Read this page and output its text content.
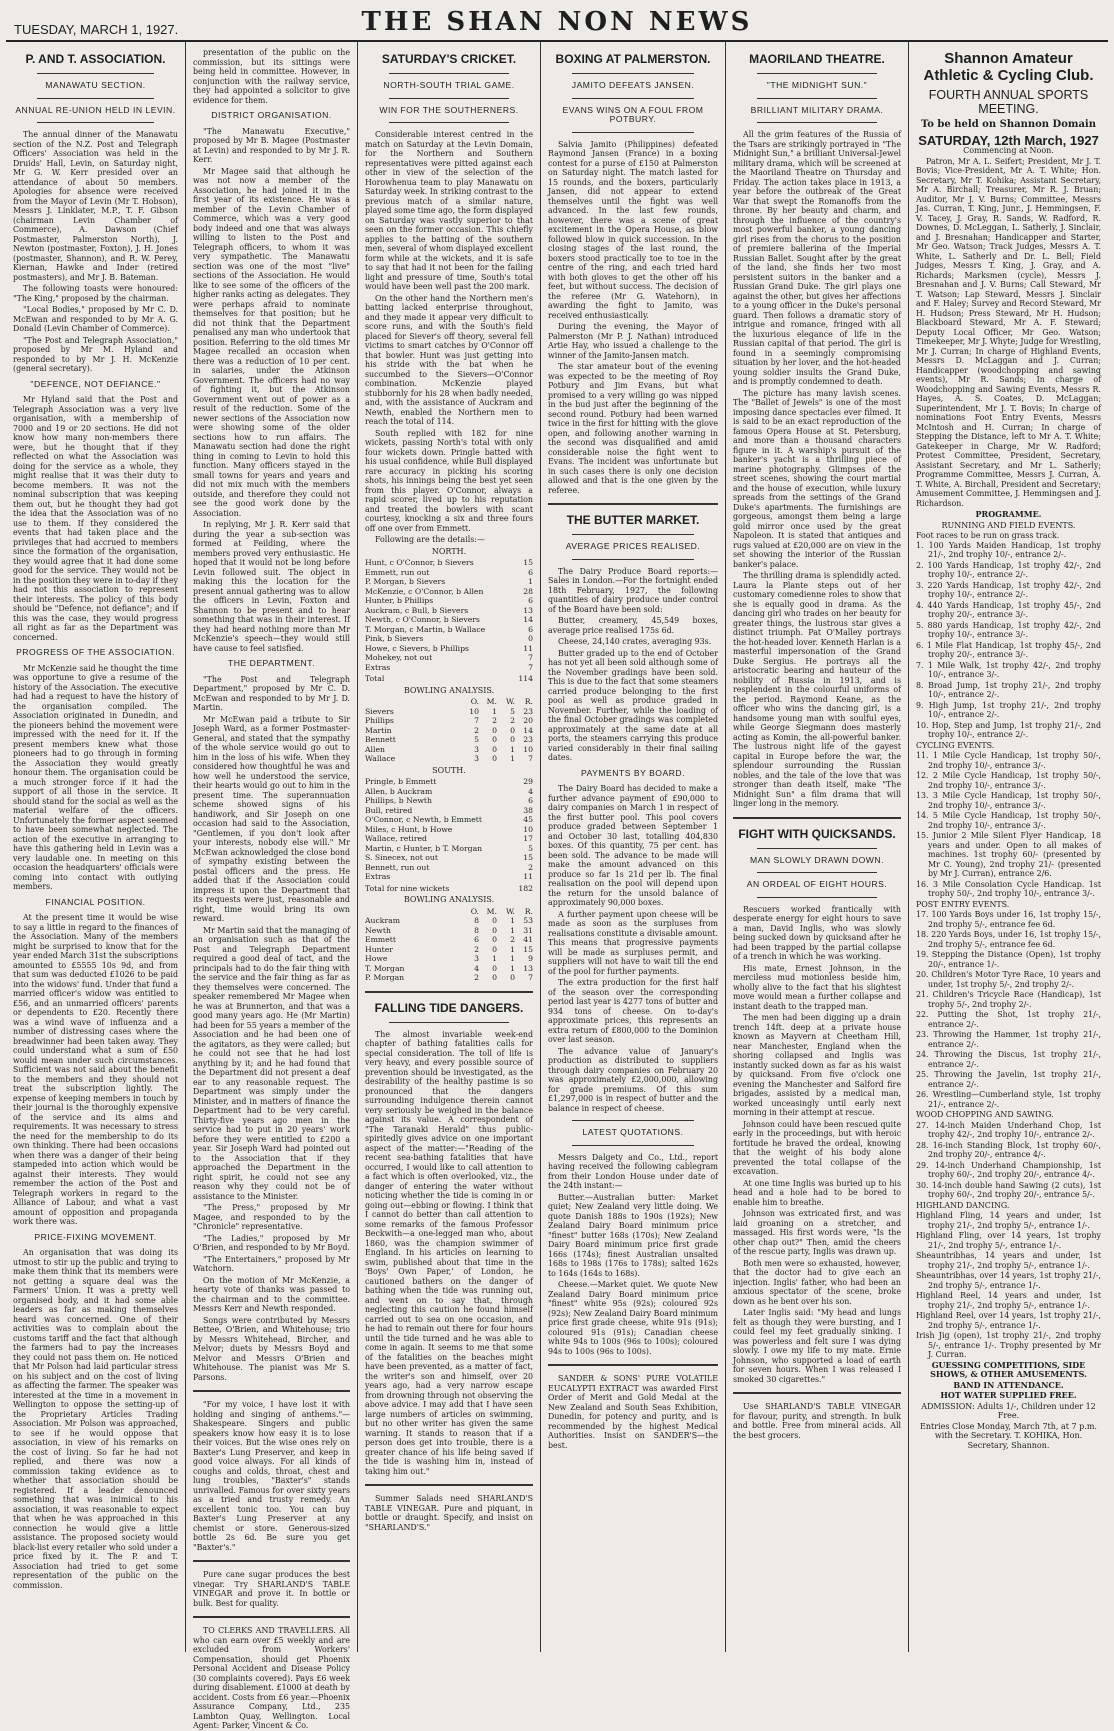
TUESDAY, MARCH 1, 1927.	THE SHAN NON NEWS
P. AND T. ASSOCIATION.
MANAWATU SECTION.
ANNUAL RE-UNION HELD IN LEVIN.

The annual dinner of the Manawatu section of the N.Z. Post and Telegraph Officers' Association was held in the Druids' Hall, Levin, on Saturday night, Mr G. W. Kerr presided over an attendance of about 50 members. Apologies for absence were received from the Mayor of Levin (Mr T. Hobson), Messrs J. Linklater, M.P., T. F. Gibson (chairman Levin Chamber of Commerce), A. Dawson (Chief Postmaster, Palmerston North), J. Newton (postmaster, Foxton), J. H. Jones (postmaster, Shannon), and R. W. Perey, Kiernan, Hawke and Inder (retired postmasters), and Mr J. B. Bateman.

The following toasts were honoured: "The King," proposed by the chairman.

"Local Bodies," proposed by Mr C. D. McEwan and responded to by Mr A. G. Donald (Levin Chamber of Commerce).

"The Post and Telegraph Association," proposed by Mr M. Hyland and responded to by Mr J. H. McKenzie (general secretary).

"DEFENCE, NOT DEFIANCE."

Mr Hyland said that the Post and Telegraph Association was a very live organisation, with a membership of 7000 and 19 or 20 sections. He did not know how many non-members there were, but he thought that if they reflected on what the Association was doing for the service as a whole, they might realise that it was their duty to become members. It was not the nominal subscription that was keeping them out, but he thought they had got the idea that the Association was of no use to them. If they considered the events that had taken place and the privileges that had accrued to members since the formation of the organisation, they would agree that it had done some good for the service. They would not be in the position they were in to-day if they had not this association to represent their interests. The policy of this body should be "Defence, not defiance"; and if this was the case, they would progress all right as far as the Department was concerned.

PROGRESS OF THE ASSOCIATION.

Mr McKenzie said he thought the time was opportune to give a resume of the history of the Association. The executive had had a request to have the history of the organisation compiled. The Association originated in Dunedin, and the pioneers behind the movement were impressed with the need for it. If the present members knew what those pioneers had to go through in forming the Association they would greatly honour them. The organisation could be a much stronger force if it had the support of all those in the service. It should stand for the social as well as the material welfare of the officers. Unfortunately the former aspect seemed to have been somewhat neglected. The action of the executive in arranging to have this gathering held in Levin was a very laudable one. In meeting on this occasion the headquarters' officials were coming into contact with outlying members.

FINANCIAL POSITION.

At the present time it would be wise to say a little in regard to the finances of the Association. Many of the members might be surprised to know that for the year ended March 31st the subscriptions amounted to £5555 10s 9d, and from that sum was deducted £1026 to be paid into the widows' fund. Under that fund a married officer's widow was entitled to £56, and an unmarried officers' parents or dependents to £20. Recently there was a wind wave of influenza and a number of distressing cases where the breadwinner had been taken away. They could understand what a sum of £50 would mean under such circumstances. Sufficient was not said about the benefit to the members and they should not treat the subscription lightly. The expense of keeping members in touch by their journal is the thoroughly expensive of the service and its aims and requirements. It was necessary to stress the need for the membership to do its own thinking. There had been occasions when there was a danger of their being stampeded into action which would be against their interests. They would remember the action of the Post and Telegraph workers in regard to the Alliance of Labour, and what a vast amount of opposition and propaganda work there was.

PRICE-FIXING MOVEMENT.

An organisation that was doing its utmost to stir up the public and trying to make them think that its members were not getting a square deal was the Farmers' Union. It was a pretty well organised body, and it had some able leaders as far as making themselves heard was concerned. One of their activities was to complain about the customs tariff and the fact that although the farmers had to pay the increases they could not pass them on. He noticed that Mr Polson had laid particular stress on his subject and on the cost of living as affecting the farmer. The speaker was interested at the time in a movement in Wellington to oppose the setting-up of the Proprietary Articles Trading Association. Mr Polson was approached, to see if he would oppose that association, in view of his remarks on the cost of living. So far he had not replied, and there was now a commission taking evidence as to whether that association should be registered. If a leader denounced something that was inimical to his association, it was reasonable to expect that when he was approached in this connection he would give a little assistance. The proposed society would black-list every retailer who sold under a price fixed by it. The P. and T. Association had tried to get some representation of the public on the commission.

presentation of the public on the commission, but its sittings were being held in committee. However, in conjunction with the railway service, they had appointed a solicitor to give evidence for them.

DISTRICT ORGANISATION.

"The Manawatu Executive," proposed by Mr B. Magee (Postmaster at Levin) and responded to by Mr J. R. Kerr.

Mr Magee said that although he was not now a member of the Association, he had joined it in the first year of its existence. He was a member of the Levin Chamber of Commerce, which was a very good body indeed and one that was always willing to listen to the Post and Telegraph officers, to whom it was very sympathetic. The Manawatu section was one of the most "live" sections of the Association. He would like to see some of the officers of the higher ranks acting as delegates. They were perhaps afraid to nominate themselves for that position; but he did not think that the Department penalised any man who undertook that position. Referring to the old times Mr Magee recalled an occasion when there was a reduction of 10 per cent. in salaries, under the Atkinson Government. The officers had no way of fighting it, but the Atkinson Government went out of power as a result of the reduction. Some of the newer sections of the Association now were showing some of the older sections how to run affairs. The Manawatu section had done the right thing in coming to Levin to hold this function. Many officers stayed in the small towns for years and years and did not mix much with the members outside, and therefore they could not see the good work done by the Association.

In replying, Mr J. R. Kerr said that during the year a sub-section was formed at Feilding, where the members proved very enthusiastic. He hoped that it would not be long before Levin followed suit. The object in making this the location for the present annual gathering was to allow the officers in Levin, Foxton and Shannon to be present and to hear something that was in their interest. If they had heard nothing more than Mr McKenzie's speech—they would still have cause to feel satisfied.

THE DEPARTMENT.

"The Post and Telegraph Department," proposed by Mr C. D. McEwan and responded to by Mr J. D. Martin.

Mr McEwan paid a tribute to Sir Joseph Ward, as a former Postmaster-General, and stated that the sympathy of the whole service would go out to him in the loss of his wife. When they considered how thoughtful he was and how well he understood the service, their hearts would go out to him in the present time. The superannuation scheme showed signs of his handiwork, and Sir Joseph on one occasion had said to the Association, "Gentlemen, if you don't look after your interests, nobody else will." Mr McEwan acknowledged the close bond of sympathy existing between the postal officers and the press. He added that if the Association could impress it upon the Department that its requests were just, reasonable and right, time would bring its own reward.

Mr Martin said that the managing of an organisation such as that of the Post and Telegraph Department required a good deal of tact, and the principals had to do the fair thing with the service and the fair thing as far as they themselves were concerned. The speaker remembered Mr Magee when he was at Brunnerton, and that was a good many years ago. He (Mr Martin) had been for 55 years a member of the Association and he had been one of the agitators, as they were called; but he could not see that he had lost anything by it; and he had found that the Department did not present a deaf ear to any reasonable request. The Department was simply under the Minister, and in matters of finance the Department had to be very careful. Thirty-five years ago men in the service had to put in 20 years' work before they were entitled to £200 a year. Sir Joseph Ward had pointed out to the Association that if they approached the Department in the right spirit, he could not see any reason why they could not be of assistance to the Minister.

"The Press," proposed by Mr Magee, and responded to by the "Chronicle" representative.

"The Ladies," proposed by Mr O'Brien, and responded to by Mr Boyd.

"The Entertainers," proposed by Mr Watchorn.

On the motion of Mr McKenzie, a hearty vote of thanks was passed to the chairman and to the committee. Messrs Kerr and Newth responded.

Songs were contributed by Messrs Bettee, O'Brien, and Whitehouse; trio by Messrs Whitehead, Bircher, and Melvor; duets by Messrs Boyd and Melvor and Messrs O'Brien and Whitehouse. The pianist was Mr S. Parsons.

"For my voice, I have lost it with holding and singing of anthems."—Shakespeare. Singers and public speakers know how easy it is to lose their voices. But the wise ones rely on Baxter's Lung Preserver, and keep in good voice always. For all kinds of coughs and colds, throat, chest and lung troubles, "Baxter's" stands unrivalled. Famous for over sixty years as a tried and trusty remedy. An excellent tonic too. You can buy Baxter's Lung Preserver at any chemist or store. Generous-sized bottle 2s 6d. Be sure you get "Baxter's."

Pure cane sugar produces the best vinegar. Try SHARLAND'S TABLE VINEGAR and prove it. In bottle or bulk. Best for quality.

TO CLERKS AND TRAVELLERS. All who can earn over £5 weekly and are excluded from Workers' Compensation, should get Phoenix Personal Accident and Disease Policy (30 complaints covered). Pays £6 week during disablement. £1000 at death by accident. Costs from £6 year.—Phoenix Assurance Company, Ltd., 235 Lambton Quay, Wellington. Local Agent: Parker, Vincent & Co.

SATURDAY'S CRICKET.
NORTH-SOUTH TRIAL GAME.
WIN FOR THE SOUTHERNERS.

Considerable interest centred in the match on Saturday at the Levin Domain, for the Northern and Southern representatives were pitted against each other in view of the selection of the Horowhenua team to play Manawatu on Saturday week. In striking contrast to the previous match of a similar nature, played some time ago, the form displayed on Saturday was vastly superior to that seen on the former occasion. This chiefly applies to the batting of the southern men, several of whom displayed excellent form while at the wickets, and it is safe to say that had it not been for the failing light and pressure of time, South's total would have been well past the 200 mark.

On the other hand the Northern men's batting lacked enterprise throughout, and they made it appear very difficult to score runs, and with the South's field placed for Siever's off theory, several fell victims to smart catches by O'Connor off that bowler. Hunt was just getting into his stride with the bat when he succumbed to the Sievers—O'Connor combination. McKenzie played stubbornly for his 28 when badly needed, and, with the assistance of Auckram and Newth, enabled the Northern men to reach the total of 114.

South replied with 182 for nine wickets, passing North's total with only four wickets down. Pringle batted with his usual confidence, while Bull displayed rare accuracy in picking his scoring shots, his innings being the best yet seen from this player. O'Connor, always a rapid scorer, lived up to his reputation and treated the bowlers with scant courtesy, knocking a six and three fours off one over from Emmett.

Following are the details:—

NORTH.
Hunt, c O'Connor, b Sievers	15
Emmett, run out	6
P. Morgan, b Sievers	1
McKenzie, c O'Connor, b Allen	28
Hunter, b Phillips	6
Auckram, c Bull, b Sievers	13
Newth, c O'Connor, b Sievers	14
T. Morgan, c Martin, b Wallace	6
Pink, b Sievers	0
Howe, c Sievers, b Phillips	11
Mohekey, not out	7
Extras	7
Total	114
BOWLING ANALYSIS.
	O.	M.	W.	R.
Sievers	10	1	5	23
Phillips	7	2	2	20
Martin	2	0	0	14
Bennett	5	0	0	23
Allen	3	0	1	10
Wallace	3	0	1	7
SOUTH.
Pringle, b Emmett	29
Allen, b Auckram	4
Phillips, b Newth	6
Bull, retired	38
O'Connor, c Newth, b Emmett	45
Miles, c Hunt, b Howe	10
Wallace, retired	17
Martin, c Hunter, b T. Morgan	5
S. Sinecex, not out	15
Bennett, run out	2
Extras	11
Total for nine wickets	182
BOWLING ANALYSIS.
	O.	M.	W.	R.
Auckram	8	0	1	53
Newth	8	0	1	31
Emmett	6	0	2	41
Hunter	2	0	1	15
Howe	3	1	1	9
T. Morgan	4	0	1	13
P. Morgan	2	0	0	7
FALLING TIDE DANGERS.

The almost invariable week-end chapter of bathing fatalities calls for special consideration. The toll of life is very heavy, and every possible source of prevention should be investigated, as the desirability of the healthy pastime is so pronounced that the dangers surrounding indulgence therein cannot very seriously be weighed in the balance against its value. A correspondent of "The Taranaki Herald" thus public-spiritedly gives advice on one important aspect of the matter:—"Reading of the recent sea-bathing fatalities that have occurred, I would like to call attention to a fact which is often overlooked, viz., the danger of entering the water without noticing whether the tide is coming in or going out—ebbing or flowing. I think that I cannot do better than call attention to some remarks of the famous Professor Beckwith—a one-legged man who, about 1860, was the champion swimmer of England. In his articles on learning to swim, published about that time in the 'Boys' Own Paper,' of London, he cautioned bathers on the danger of bathing when the tide was running out, and went on to say that, through neglecting this caution he found himself carried out to sea on one occasion, and he had to remain out there for four hours until the tide turned and he was able to come in again. It seems to me that some of the fatalities on the beaches might have been prevented, as a matter of fact, the writer's son and himself, over 20 years ago, had a very narrow escape from drowning through not observing the above advice. I may add that I have seen large numbers of articles on swimming, but no other writer has given the same warning. It stands to reason that if a person does get into trouble, there is a greater chance of his life being saved if the tide is washing him in, instead of taking him out."

Summer Salads need SHARLAND'S TABLE VINEGAR. Pure and piquant, in bottle or draught. Specify, and insist on "SHARLAND'S."

BOXING AT PALMERSTON.
JAMITO DEFEATS JANSEN.
EVANS WINS ON A FOUL FROM POTBURY.

Salvia Jamito (Philippines) defeated Raymond Jansen (France) in a boxing contest for a purse of £150 at Palmerston on Saturday night. The match lasted for 15 rounds, and the boxers, particularly Jansen, did not appear to extend themselves until the fight was well advanced. In the last few rounds, however, there was a scene of great excitement in the Opera House, as blow followed blow in quick succession. In the closing stages of the last round, the boxers stood practically toe to toe in the centre of the ring, and each tried hard with both gloves to get the other off his feet, but without success. The decision of the referee (Mr G. Watehorn), in awarding the fight to Jamito, was received enthusiastically.

During the evening, the Mayor of Palmerston (Mr P. J. Nathan) introduced Artie Hay, who issued a challenge to the winner of the Jamito-Jansen match.

The star amateur bout of the evening was expected to be the meeting of Roy Potbury and Jim Evans, but what promised to a very willing go was nipped in the bud just after the beginning of the second round. Potbury had been warned twice in the first for hitting with the glove open, and following another warning in the second was disqualified and amid considerable noise the fight went to Evans. The incident was unfortunate but in such cases there is only one decision allowed and that is the one given by the referee.

THE BUTTER MARKET.
AVERAGE PRICES REALISED.

The Dairy Produce Board reports:—Sales in London.—For the fortnight ended 18th February, 1927, the following quantities of dairy produce under control of the Board have been sold:

Butter, creamery, 45,549 boxes, average price realised 175s 6d.

Cheese, 24,140 crates, averaging 93s.

Butter graded up to the end of October has not yet all been sold although some of the November gradings have been sold. This is due to the fact that some steamers carried produce belonging to the first pool as well as produce graded in November. Further, while the loading of the final October gradings was completed approximately at the same date at all ports, the steamers carrying this produce varied considerably in their final sailing dates.

PAYMENTS BY BOARD.

The Dairy Board has decided to make a further advance payment of £90,000 to dairy companies on March 1 in respect of the first butter pool. This pool covers produce graded between September 1 and October 30 last, totalling 404,830 boxes. Of this quantity, 75 per cent. has been sold. The advance to be made will make the amount advanced on this produce so far 1s 21d per lb. The final realisation on the pool will depend upon the return for the unsold balance of approximately 90,000 boxes.

A further payment upon cheese will be made as soon as the surpluses from realisations constitute a divisable amount. This means that progressive payments will be made as surpluses permit, and suppliers will not have to wait till the end of the pool for further payments.

The extra production for the first half of the season over the corresponding period last year is 4277 tons of butter and 934 tons of cheese. On to-day's approximate prices, this represents an extra return of £800,000 to the Dominion over last season.

The advance value of January's production as distributed to suppliers through dairy companies on February 20 was approximately £2,000,000, allowing for grade premiums. Of this sum £1,297,000 is in respect of butter and the balance in respect of cheese.

LATEST QUOTATIONS.

Messrs Dalgety and Co., Ltd., report having received the following cablegram from their London House under date of the 24th instant:—

Butter.—Australian butter: Market quiet; New Zealand very little doing. We quote Danish 188s to 190s (192s); New Zealand Dairy Board minimum price "finest" butter 168s (170s); New Zealand Dairy Board minimum price first grade 166s (174s); finest Australian unsalted 168s to 198s (176s to 178s); salted 162s to 164s (164s to 168s).

Cheese.—Market quiet. We quote New Zealand Dairy Board minimum price "finest" white 95s (92s); coloured 92s (92s); New Zealand Dairy Board minimum price first grade cheese, white 91s (91s); coloured 91s (91s); Canadian cheese white 94s to 100s (96s to 100s); coloured 94s to 100s (96s to 100s).

SANDER & SONS' PURE VOLATILE EUCALYPTI EXTRACT was awarded First Order of Merit and Gold Medal at the New Zealand and South Seas Exhibition, Dunedin, for potency and purity, and is recommended by the highest Medical Authorities. Insist on SANDER'S—the best.

MAORILAND THEATRE.
"THE MIDNIGHT SUN."
BRILLIANT MILITARY DRAMA.

All the grim features of the Russia of the Tsars are strikingly portrayed in "The Midnight Sun," a brilliant Universal-Jewel military drama, which will be screened at the Maoriland Theatre on Thursday and Friday. The action takes place in 1913, a year before the outbreak of the Great War that swept the Romanoffs from the throne. By her beauty and charm, and through the influence of the country's most powerful banker, a young dancing girl rises from the chorus to the position of premiere ballerina of the Imperial Russian Ballet. Sought after by the great of the land, she finds her two most persistent suitors in the banker and a Russian Grand Duke. The girl plays one against the other, but gives her affections to a young officer in the Duke's personal guard. Then follows a dramatic story of intrigue and romance, fringed with all the luxurious elegance of life in the Russian capital of that period. The girl is found in a seemingly compromising situation by her lover, and the hot-headed young soldier insults the Grand Duke, and is promptly condemned to death.

The picture has many lavish scenes. The "Ballet of Jewels" is one of the most imposing dance spectacles ever filmed. It is said to be an exact reproduction of the famous Opera House at St. Petersburg, and more than a thousand characters figure in it. A warship's pursuit of the banker's yacht is a thrilling piece of marine photography. Glimpses of the street scenes, showing the court martial and the house of execution, while luxury spreads from the settings of the Grand Duke's apartments. The furnishings are gorgeous, amongst them being a large gold mirror once used by the great Napoleon. It is stated that antiques and rugs valued at £20,000 are on view in the set showing the interior of the Russian banker's palace.

The thrilling drama is splendidly acted. Laura la Plante steps out of her customary comedienne roles to show that she is equally good in drama. As the dancing girl who trades on her beauty for greater things, the lustrous star gives a distinct triumph. Pat O'Malley portrays the hot-headed lover. Kenneth Harlan is a masterful impersonation of the Grand Duke Sergius. He portrays all the aristocratic bearing and hauteur of the nobility of Russia in 1913, and is resplendent in the colourful uniforms of the period. Raymond Keane, as the officer who wins the dancing girl, is a handsome young man with soulful eyes, while George Siegmann does masterly acting as Komin, the all-powerful banker. The lustrous night life of the gayest capital in Europe before the war, the splendour surrounding the Russian nobles, and the tale of the love that was stronger than death itself, make "The Midnight Sun" a film drama that will linger long in the memory.

FIGHT WITH QUICKSANDS.
MAN SLOWLY DRAWN DOWN.
AN ORDEAL OF EIGHT HOURS.

Rescuers worked frantically with desperate energy for eight hours to save a man, David Inglis, who was slowly being sucked down by quicksand after he had been trapped by the partial collapse of a trench in which he was working.

His mate, Ernest Johnson, in the merciless mud motionless beside him, wholly alive to the fact that his slightest move would mean a further collapse and instant death to the trapped man.

The men had been digging up a drain trench 14ft. deep at a private house known as Mayvern at Cheetham Hill, near Manchester, England when the shoring collapsed and Inglis was instantly sucked down as far as his waist by quicksand. From five o'clock one evening the Manchester and Salford fire brigades, assisted by a medical man, worked unceasingly until early next morning in their attempt at rescue.

Johnson could have been rescued quite early in the proceedings, but with heroic fortitude he braved the ordeal, knowing that the weight of his body alone prevented the total collapse of the excavation.

At one time Inglis was buried up to his head and a hole had to be bored to enable him to breathe.

Johnson was extricated first, and was laid groaning on a stretcher, and massaged. His first words were, "Is the other chap out?" Then, amid the cheers of the rescue party, Inglis was drawn up.

Both men were so exhausted, however, that the doctor had to give each an injection. Inglis' father, who had been an anxious spectator of the scene, broke down as he bent over his son.

Later Inglis said: "My head and lungs felt as though they were bursting, and I could feel my feet gradually sinking. I was powerless and felt sure I was dying slowly. I owe my life to my mate. Ernie Johnson, who supported a load of earth for seven hours. When I was released I smoked 30 cigarettes."

Use SHARLAND'S TABLE VINEGAR for flavour, purity, and strength. In bulk and bottle. Free from mineral acids. All the best grocers.

Shannon Amateur Athletic & Cycling Club.
FOURTH ANNUAL SPORTS MEETING.
To be held on Shannon Domain
SATURDAY, 12th March, 1927
Commencing at Noon.

Patron, Mr A. L. Seifert; President, Mr J. T. Bovis; Vice-President, Mr A. T. White; Hon. Secretary, Mr T. Kohika; Assistant Secretary, Mr A. Birchall; Treasurer, Mr R. J. Bruan; Auditor, Mr J. V. Burns; Committee, Messrs Jas. Curran, T. King, Junr., J. Hemmingsen, F. V. Tacey, J. Gray, R. Sands, W. Radford, R. Downes, D. McLeggan, L. Satherly, J. Sinclair, and J. Bresnahan; Handicapper and Starter, Mr Geo. Watson; Track Judges, Messrs A. T. White, L. Satherly and Dr. L. Bell; Field Judges, Messrs T. King, J. Gray, and A. Richards; Marksmen (cycle), Messrs J. Bresnahan and J. V. Burns; Call Steward, Mr T. Watson; Lap Steward, Messrs J. Sinclair and F. Haley; Survey and Record Steward, Mr H. Hudson; Press Steward, Mr H. Hudson; Blackboard Steward, Mr A. F. Steward; Deputy Local Officer, Mr Geo. Watson; Timekeeper, Mr J. Whyte; Judge for Wrestling, Mr J. Curran; In charge of Highland Events, Messrs D. McLaggan and J. Curran; Handicapper (woodchopping and sawing events), Mr R. Sands; In charge of Woodchopping and Sawing Events, Messrs R. Hayes, A. S. Coates, D. McLaggan; Superintendent, Mr J. T. Bovis; In charge of nominations Foot Entry Events, Messrs McIntosh and H. Curran; In charge of Stepping the Distance, left to Mr A. T. White; Gatekeeper in Charge, Mr W. Radford; Protest Committee, President, Secretary, Assistant Secretary, and Mr L. Satherly; Programme Committee, Messrs J. Curran, A. T. White, A. Birchall, President and Secretary; Amusement Committee, J. Hemmingsen and J. Richardson.

PROGRAMME.
RUNNING AND FIELD EVENTS.
Foot races to be run on grass track.
1. 100 Yards Maiden Handicap, 1st trophy 21/-, 2nd trophy 10/-, entrance 2/-.
2. 100 Yards Handicap, 1st trophy 42/-, 2nd trophy 10/-, entrance 2/-.
3. 220 Yards Handicap, 1st trophy 42/-, 2nd trophy 10/-, entrance 2/-.
4. 440 Yards Handicap, 1st trophy 45/-, 2nd trophy 20/-, entrance 3/-.
5. 880 yards Handicap, 1st trophy 42/-, 2nd trophy 10/-, entrance 3/-.
6. 1 Mile Flat Handicap, 1st trophy 45/-, 2nd trophy 20/-, entrance 3/-.
7. 1 Mile Walk, 1st trophy 42/-, 2nd trophy 10/-, entrance 3/-.
8. Broad Jump, 1st trophy 21/-, 2nd trophy 10/-, entrance 2/-.
9. High Jump, 1st trophy 21/-, 2nd trophy 10/-, entrance 2/-.
10. Hop, Step and Jump, 1st trophy 21/-, 2nd trophy 10/-, entrance 2/-.
CYCLING EVENTS.
11. 1 Mile Cycle Handicap, 1st trophy 50/-, 2nd trophy 10/-, entrance 3/-.
12. 2 Mile Cycle Handicap, 1st trophy 50/-, 2nd trophy 10/-, entrance 3/-.
13. 3 Mile Cycle Handicap, 1st trophy 50/-, 2nd trophy 10/-, entrance 3/-.
14. 5 Mile Cycle Handicap, 1st trophy 50/-, 2nd trophy 10/-, entrance 3/-.
15. Junior 2 Mile Silent Flyer Handicap, 18 years and under. Open to all makes of machines. 1st trophy 60/- (presented by Mr C. Young), 2nd trophy 21/- (presented by Mr J. Curran), entrance 2/6.
16. 3 Mile Consolation Cycle Handicap. 1st trophy 50/-, 2nd trophy 10/-, entrance 3/-.
POST ENTRY EVENTS.
17. 100 Yards Boys under 16, 1st trophy 15/-, 2nd trophy 5/-, entrance fee 6d.
18. 220 Yards Boys, under 16, 1st trophy 15/-, 2nd trophy 5/-, entrance fee 6d.
19. Stepping the Distance (Open), 1st trophy 20/-, entrance 1/-.
20. Children's Motor Tyre Race, 10 years and under, 1st trophy 5/-, 2nd trophy 2/-.
21. Children's Tricycle Race (Handicap), 1st trophy 5/-, 2nd trophy 2/-.
22. Putting the Shot, 1st trophy 21/-, entrance 2/-.
23. Throwing the Hammer, 1st trophy 21/-, entrance 2/-.
24. Throwing the Discus, 1st trophy 21/-, entrance 2/-.
25. Throwing the Javelin, 1st trophy 21/-, entrance 2/-.
26. Wrestling—Cumberland style, 1st trophy 21/-, entrance 2/-.
WOOD CHOPPING AND SAWING.
27. 14-inch Maiden Underhand Chop, 1st trophy 42/-, 2nd trophy 10/-, entrance 2/-.
28. 16-inch Standing Block, 1st trophy 60/-, 2nd trophy 20/-, entrance 4/-.
29. 14-inch Underhand Championship, 1st trophy 60/-, 2nd trophy 20/-, entrance 4/-.
30. 14-inch double hand Sawing (2 cuts), 1st trophy 60/-, 2nd trophy 20/-, entrance 5/-.
HIGHLAND DANCING.
Highland Fling, 14 years and under, 1st trophy 21/-, 2nd trophy 5/-, entrance 1/-.
Highland Fling, over 14 years, 1st trophy 21/-, 2nd trophy 5/-, entrance 1/-.
Sheauntribhas, 14 years and under, 1st trophy 21/-, 2nd trophy 5/-, entrance 1/-.
Sheauntribhas, over 14 years, 1st trophy 21/-, 2nd trophy 5/-, entrance 1/-.
Highland Reel, 14 years and under, 1st trophy 21/-, 2nd trophy 5/-, entrance 1/-.
Highland Reel, over 14 years, 1st trophy 21/-, 2nd trophy 5/-, entrance 1/-.
Irish Jig (open), 1st trophy 21/-, 2nd trophy 5/-, entrance 1/-. Trophy presented by Mr J. Curran.
GUESSING COMPETITIONS, SIDE SHOWS, & OTHER AMUSEMENTS.
BAND IN ATTENDANCE.
HOT WATER SUPPLIED FREE.
ADMISSION: Adults 1/-, Children under 12 Free.
Entries Close Monday, March 7th, at 7 p.m. with the Secretary. T. KOHIKA, Hon. Secretary, Shannon.
